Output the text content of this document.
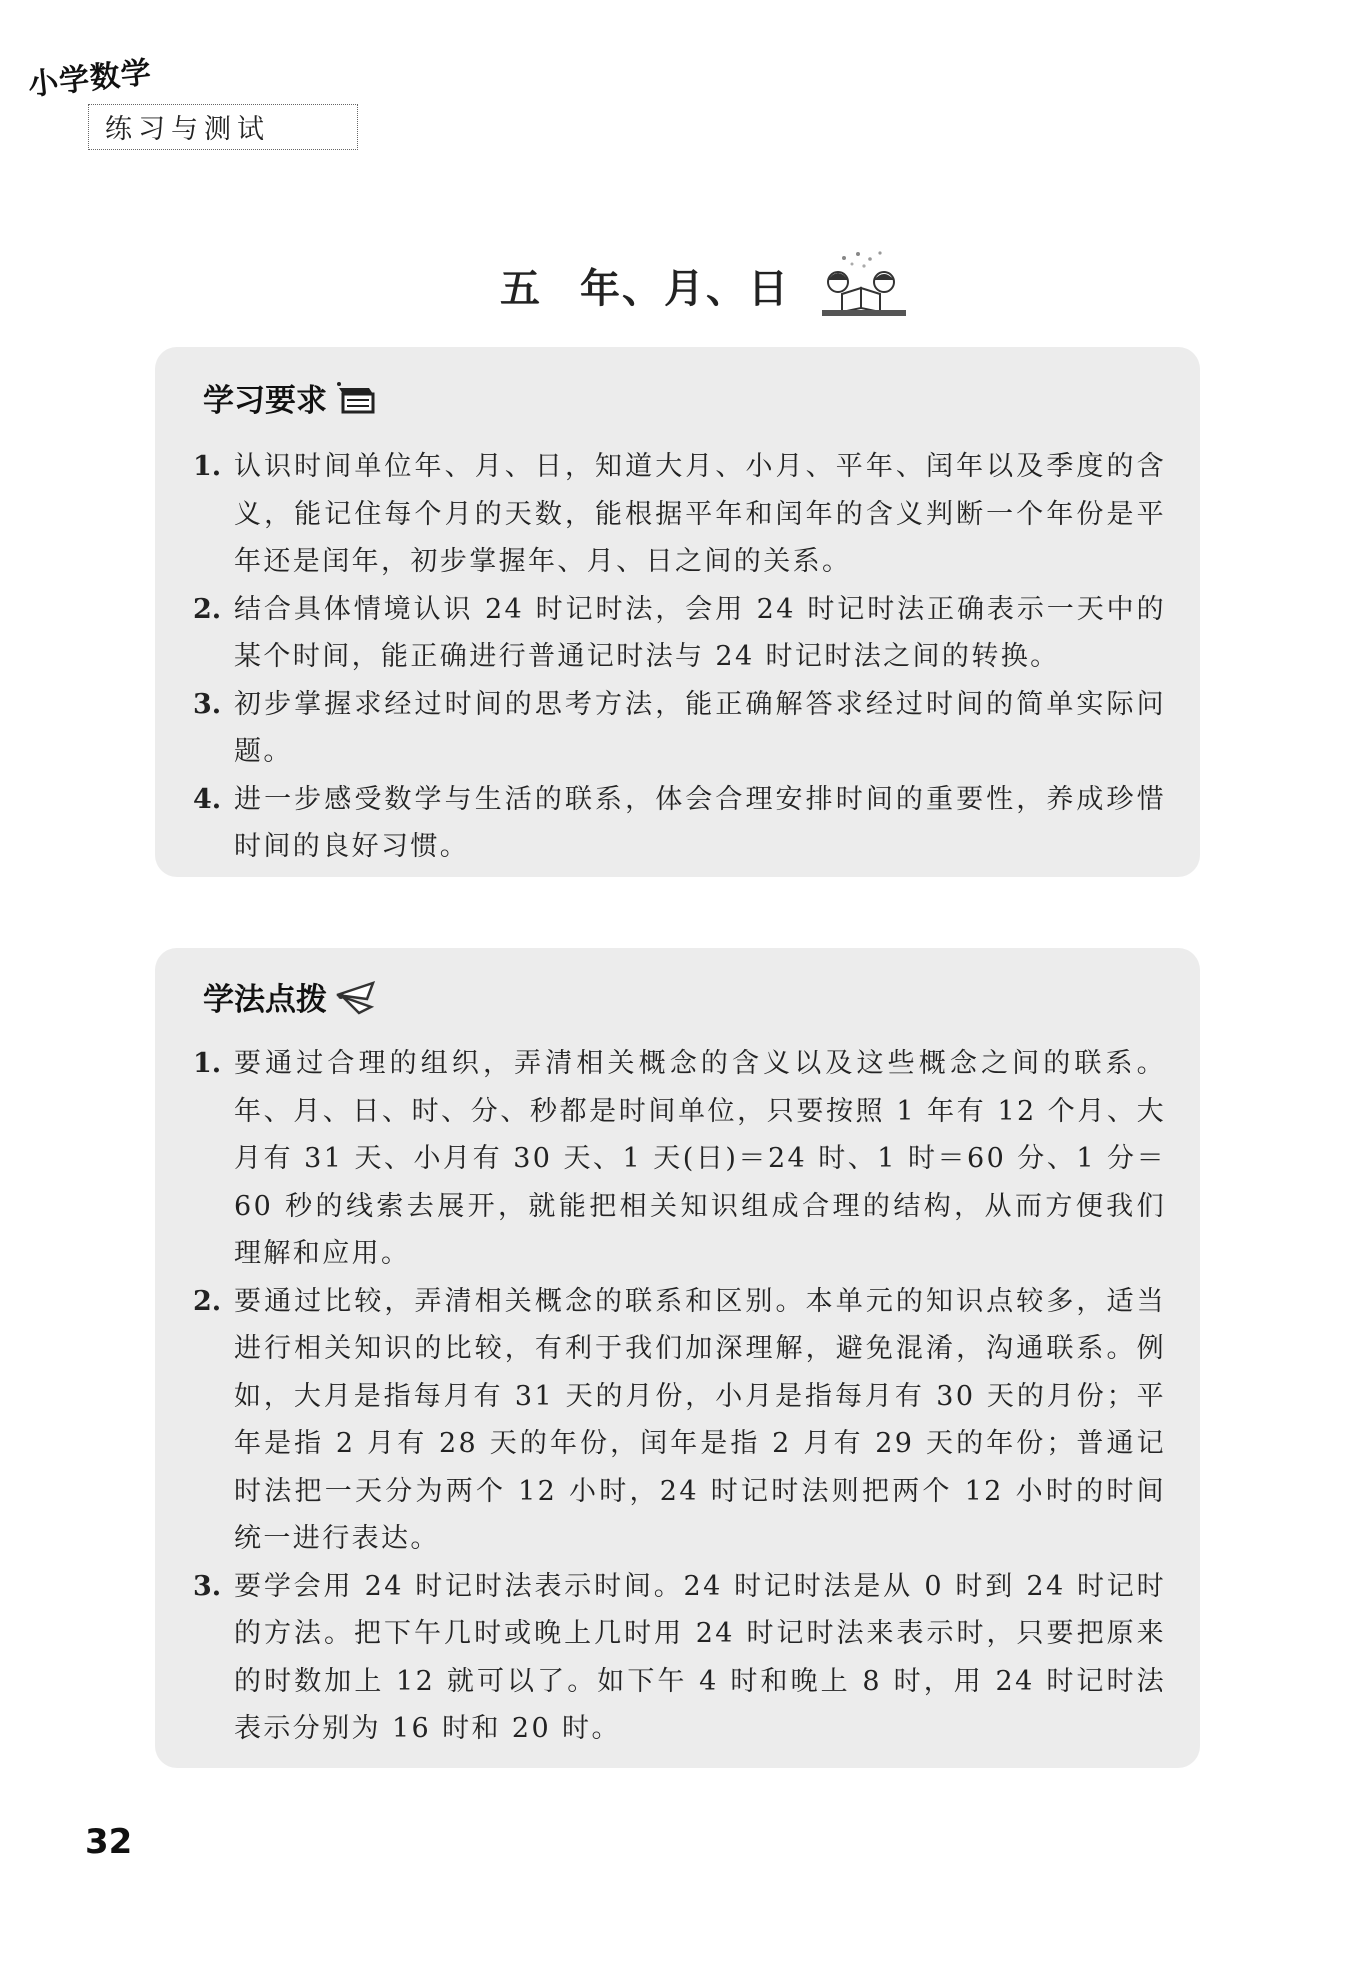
小学数学
练习与测试
五 年、月、日
学习要求
1. 认识时间单位年、月、日，知道大月、小月、平年、闰年以及季度的含义，能记住每个月的天数，能根据平年和闰年的含义判断一个年份是平年还是闰年，初步掌握年、月、日之间的关系。
2. 结合具体情境认识 24 时记时法，会用 24 时记时法正确表示一天中的某个时间，能正确进行普通记时法与 24 时记时法之间的转换。
3. 初步掌握求经过时间的思考方法，能正确解答求经过时间的简单实际问题。
4. 进一步感受数学与生活的联系，体会合理安排时间的重要性，养成珍惜时间的良好习惯。
学法点拨
1. 要通过合理的组织，弄清相关概念的含义以及这些概念之间的联系。年、月、日、时、分、秒都是时间单位，只要按照 1 年有 12 个月、大月有 31 天、小月有 30 天、1 天(日)＝24 时、1 时＝60 分、1 分＝60 秒的线索去展开，就能把相关知识组成合理的结构，从而方便我们理解和应用。
2. 要通过比较，弄清相关概念的联系和区别。本单元的知识点较多，适当进行相关知识的比较，有利于我们加深理解，避免混淆，沟通联系。例如，大月是指每月有 31 天的月份，小月是指每月有 30 天的月份；平年是指 2 月有 28 天的年份，闰年是指 2 月有 29 天的年份；普通记时法把一天分为两个 12 小时，24 时记时法则把两个 12 小时的时间统一进行表达。
3. 要学会用 24 时记时法表示时间。24 时记时法是从 0 时到 24 时记时的方法。把下午几时或晚上几时用 24 时记时法来表示时，只要把原来的时数加上 12 就可以了。如下午 4 时和晚上 8 时，用 24 时记时法表示分别为 16 时和 20 时。
32
